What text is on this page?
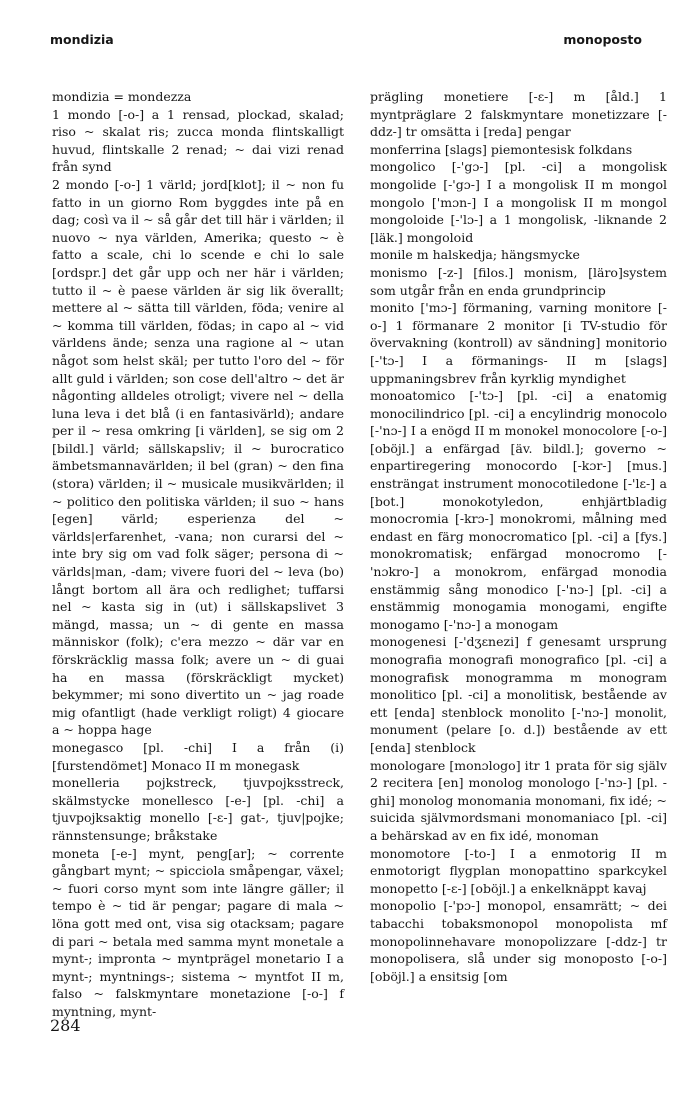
mondizia	monoposto

mondizia = mondezza

1 mondo [-o-] a 1 rensad, plockad, skalad; riso ~ skalat ris; zucca monda flintskalligt huvud, flintskalle 2 renad; ~ dai vizi renad från synd

2 mondo [-o-] 1 värld; jord[klot]; il ~ non fu fatto in un giorno Rom byggdes inte på en dag; così va il ~ så går det till här i världen; il nuovo ~ nya världen, Amerika; questo ~ è fatto a scale, chi lo scende e chi lo sale [ordspr.] det går upp och ner här i världen; tutto il ~ è paese världen är sig lik överallt; mettere al ~ sätta till världen, föda; venire al ~ komma till världen, födas; in capo al ~ vid världens ände; senza una ragione al ~ utan något som helst skäl; per tutto l'oro del ~ för allt guld i världen; son cose dell'altro ~ det är någonting alldeles otroligt; vivere nel ~ della luna leva i det blå (i en fantasivärld); andare per il ~ resa omkring [i världen], se sig om 2 [bildl.] värld; sällskapsliv; il ~ burocratico ämbetsmannavärlden; il bel (gran) ~ den fina (stora) världen; il ~ musicale musikvärlden; il ~ politico den politiska världen; il suo ~ hans [egen] värld; esperienza del ~ världs|erfarenhet, -vana; non curarsi del ~ inte bry sig om vad folk säger; persona di ~ världs|man, -dam; vivere fuori del ~ leva (bo) långt bortom all ära och redlighet; tuffarsi nel ~ kasta sig in (ut) i sällskapslivet 3 mängd, massa; un ~ di gente en massa människor (folk); c'era mezzo ~ där var en förskräcklig massa folk; avere un ~ di guai ha en massa (förskräckligt mycket) bekymmer; mi sono divertito un ~ jag roade mig ofantligt (hade verkligt roligt) 4 giocare a ~ hoppa hage

monegasco [pl. -chi] I a från (i) [furstendömet] Monaco II m monegask

monelleria pojkstreck, tjuvpojksstreck, skälmstycke monellesco [-e-] [pl. -chi] a tjuvpojksaktig monello [-ɛ-] gat-, tjuv|pojke; rännstensunge; bråkstake

moneta [-e-] mynt, peng[ar]; ~ corrente gångbart mynt; ~ spicciola småpengar, växel; ~ fuori corso mynt som inte längre gäller; il tempo è ~ tid är pengar; pagare di mala ~ löna gott med ont, visa sig otacksam; pagare di pari ~ betala med samma mynt monetale a mynt-; impronta ~ myntprägel monetario I a mynt-; myntnings-; sistema ~ myntfot II m, falso ~ falskmyntare monetazione [-o-] f myntning, mynt-

prägling monetiere [-ɛ-] m [åld.] 1 myntpräglare 2 falskmyntare monetizzare [-ddz-] tr omsätta i [reda] pengar

monferrina [slags] piemontesisk folkdans

mongolico [-'gɔ-] [pl. -ci] a mongolisk mongolide [-'gɔ-] I a mongolisk II m mongol mongolo ['mɔn-] I a mongolisk II m mongol mongoloide [-'lɔ-] a 1 mongolisk, -liknande 2 [läk.] mongoloid

monile m halskedja; hängsmycke

monismo [-z-] [filos.] monism, [läro]system som utgår från en enda grundprincip

monito ['mɔ-] förmaning, varning monitore [-o-] 1 förmanare 2 monitor [i TV-studio för övervakning (kontroll) av sändning] monitorio [-'tɔ-] I a förmanings- II m [slags] uppmaningsbrev från kyrklig myndighet

monoatomico [-'tɔ-] [pl. -ci] a enatomig monocilindrico [pl. -ci] a encylindrig monocolo [-'nɔ-] I a enögd II m monokel monocolore [-o-] [oböjl.] a enfärgad [äv. bildl.]; governo ~ enpartiregering monocordo [-kɔr-] [mus.] ensträngat instrument monocotiledone [-'lɛ-] a [bot.] monokotyledon, enhjärtbladig monocromia [-krɔ-] monokromi, målning med endast en färg monocromatico [pl. -ci] a [fys.] monokromatisk; enfärgad monocromo [-'nɔkro-] a monokrom, enfärgad monodia enstämmig sång monodico [-'nɔ-] [pl. -ci] a enstämmig monogamia monogami, engifte monogamo [-'nɔ-] a monogam

monogenesi [-'dʒɛnezi] f genesamt ursprung monografia monografi monografico [pl. -ci] a monografisk monogramma m monogram monolitico [pl. -ci] a monolitisk, bestående av ett [enda] stenblock monolito [-'nɔ-] monolit, monument (pelare [o. d.]) bestående av ett [enda] stenblock

monologare [monɔlogo] itr 1 prata för sig själv 2 recitera [en] monolog monologo [-'nɔ-] [pl. -ghi] monolog monomania monomani, fix idé; ~ suicida självmordsmani monomaniaco [pl. -ci] a behärskad av en fix idé, monoman

monomotore [-to-] I a enmotorig II m enmotorigt flygplan monopattino sparkcykel monopetto [-ɛ-] [oböjl.] a enkelknäppt kavaj

monopolio [-'pɔ-] monopol, ensamrätt; ~ dei tabacchi tobaksmonopol monopolista mf monopolinnehavare monopolizzare [-ddz-] tr monopolisera, slå under sig monoposto [-o-] [oböjl.] a ensitsig [om

284
